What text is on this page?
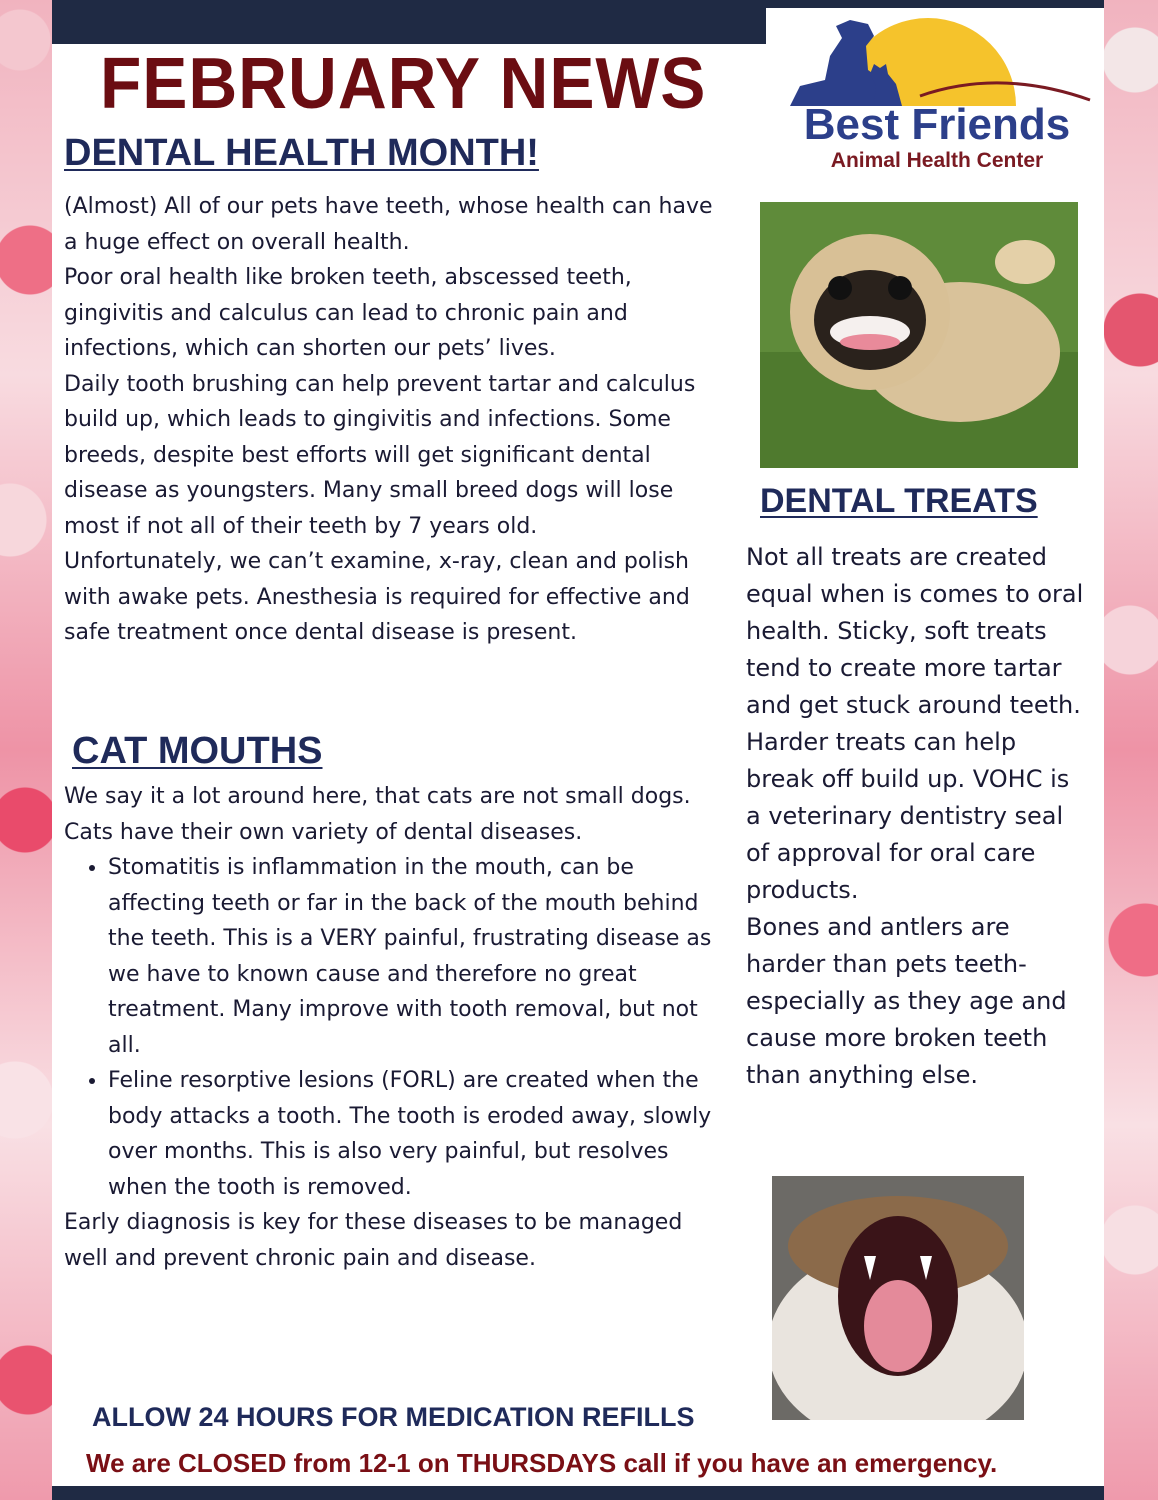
FEBRUARY NEWS
Best Friends
Animal Health Center
DENTAL HEALTH MONTH!

(Almost) All of our pets have teeth, whose health can have a huge effect on overall health.

Poor oral health like broken teeth, abscessed teeth, gingivitis and calculus can lead to chronic pain and infections, which can shorten our pets’ lives.

Daily tooth brushing can help prevent tartar and calculus build up, which leads to gingivitis and infections. Some breeds, despite best efforts will get significant dental disease as youngsters. Many small breed dogs will lose most if not all of their teeth by 7 years old.

Unfortunately, we can’t examine, x-ray, clean and polish with awake pets. Anesthesia is required for effective and safe treatment once dental disease is present.

CAT MOUTHS

We say it a lot around here, that cats are not small dogs. Cats have their own variety of dental diseases.

• Stomatitis is inflammation in the mouth, can be affecting teeth or far in the back of the mouth behind the teeth. This is a VERY painful, frustrating disease as we have to known cause and therefore no great treatment. Many improve with tooth removal, but not all.
• Feline resorptive lesions (FORL) are created when the body attacks a tooth. The tooth is eroded away, slowly over months. This is also very painful, but resolves when the tooth is removed.

Early diagnosis is key for these diseases to be managed well and prevent chronic pain and disease.

DENTAL TREATS

Not all treats are created equal when is comes to oral health. Sticky, soft treats tend to create more tartar and get stuck around teeth. Harder treats can help break off build up. VOHC is a veterinary dentistry seal of approval for oral care products.

Bones and antlers are harder than pets teeth- especially as they age and cause more broken teeth than anything else.

ALLOW 24 HOURS FOR MEDICATION REFILLS

We are CLOSED from 12-1 on THURSDAYS call if you have an emergency.
